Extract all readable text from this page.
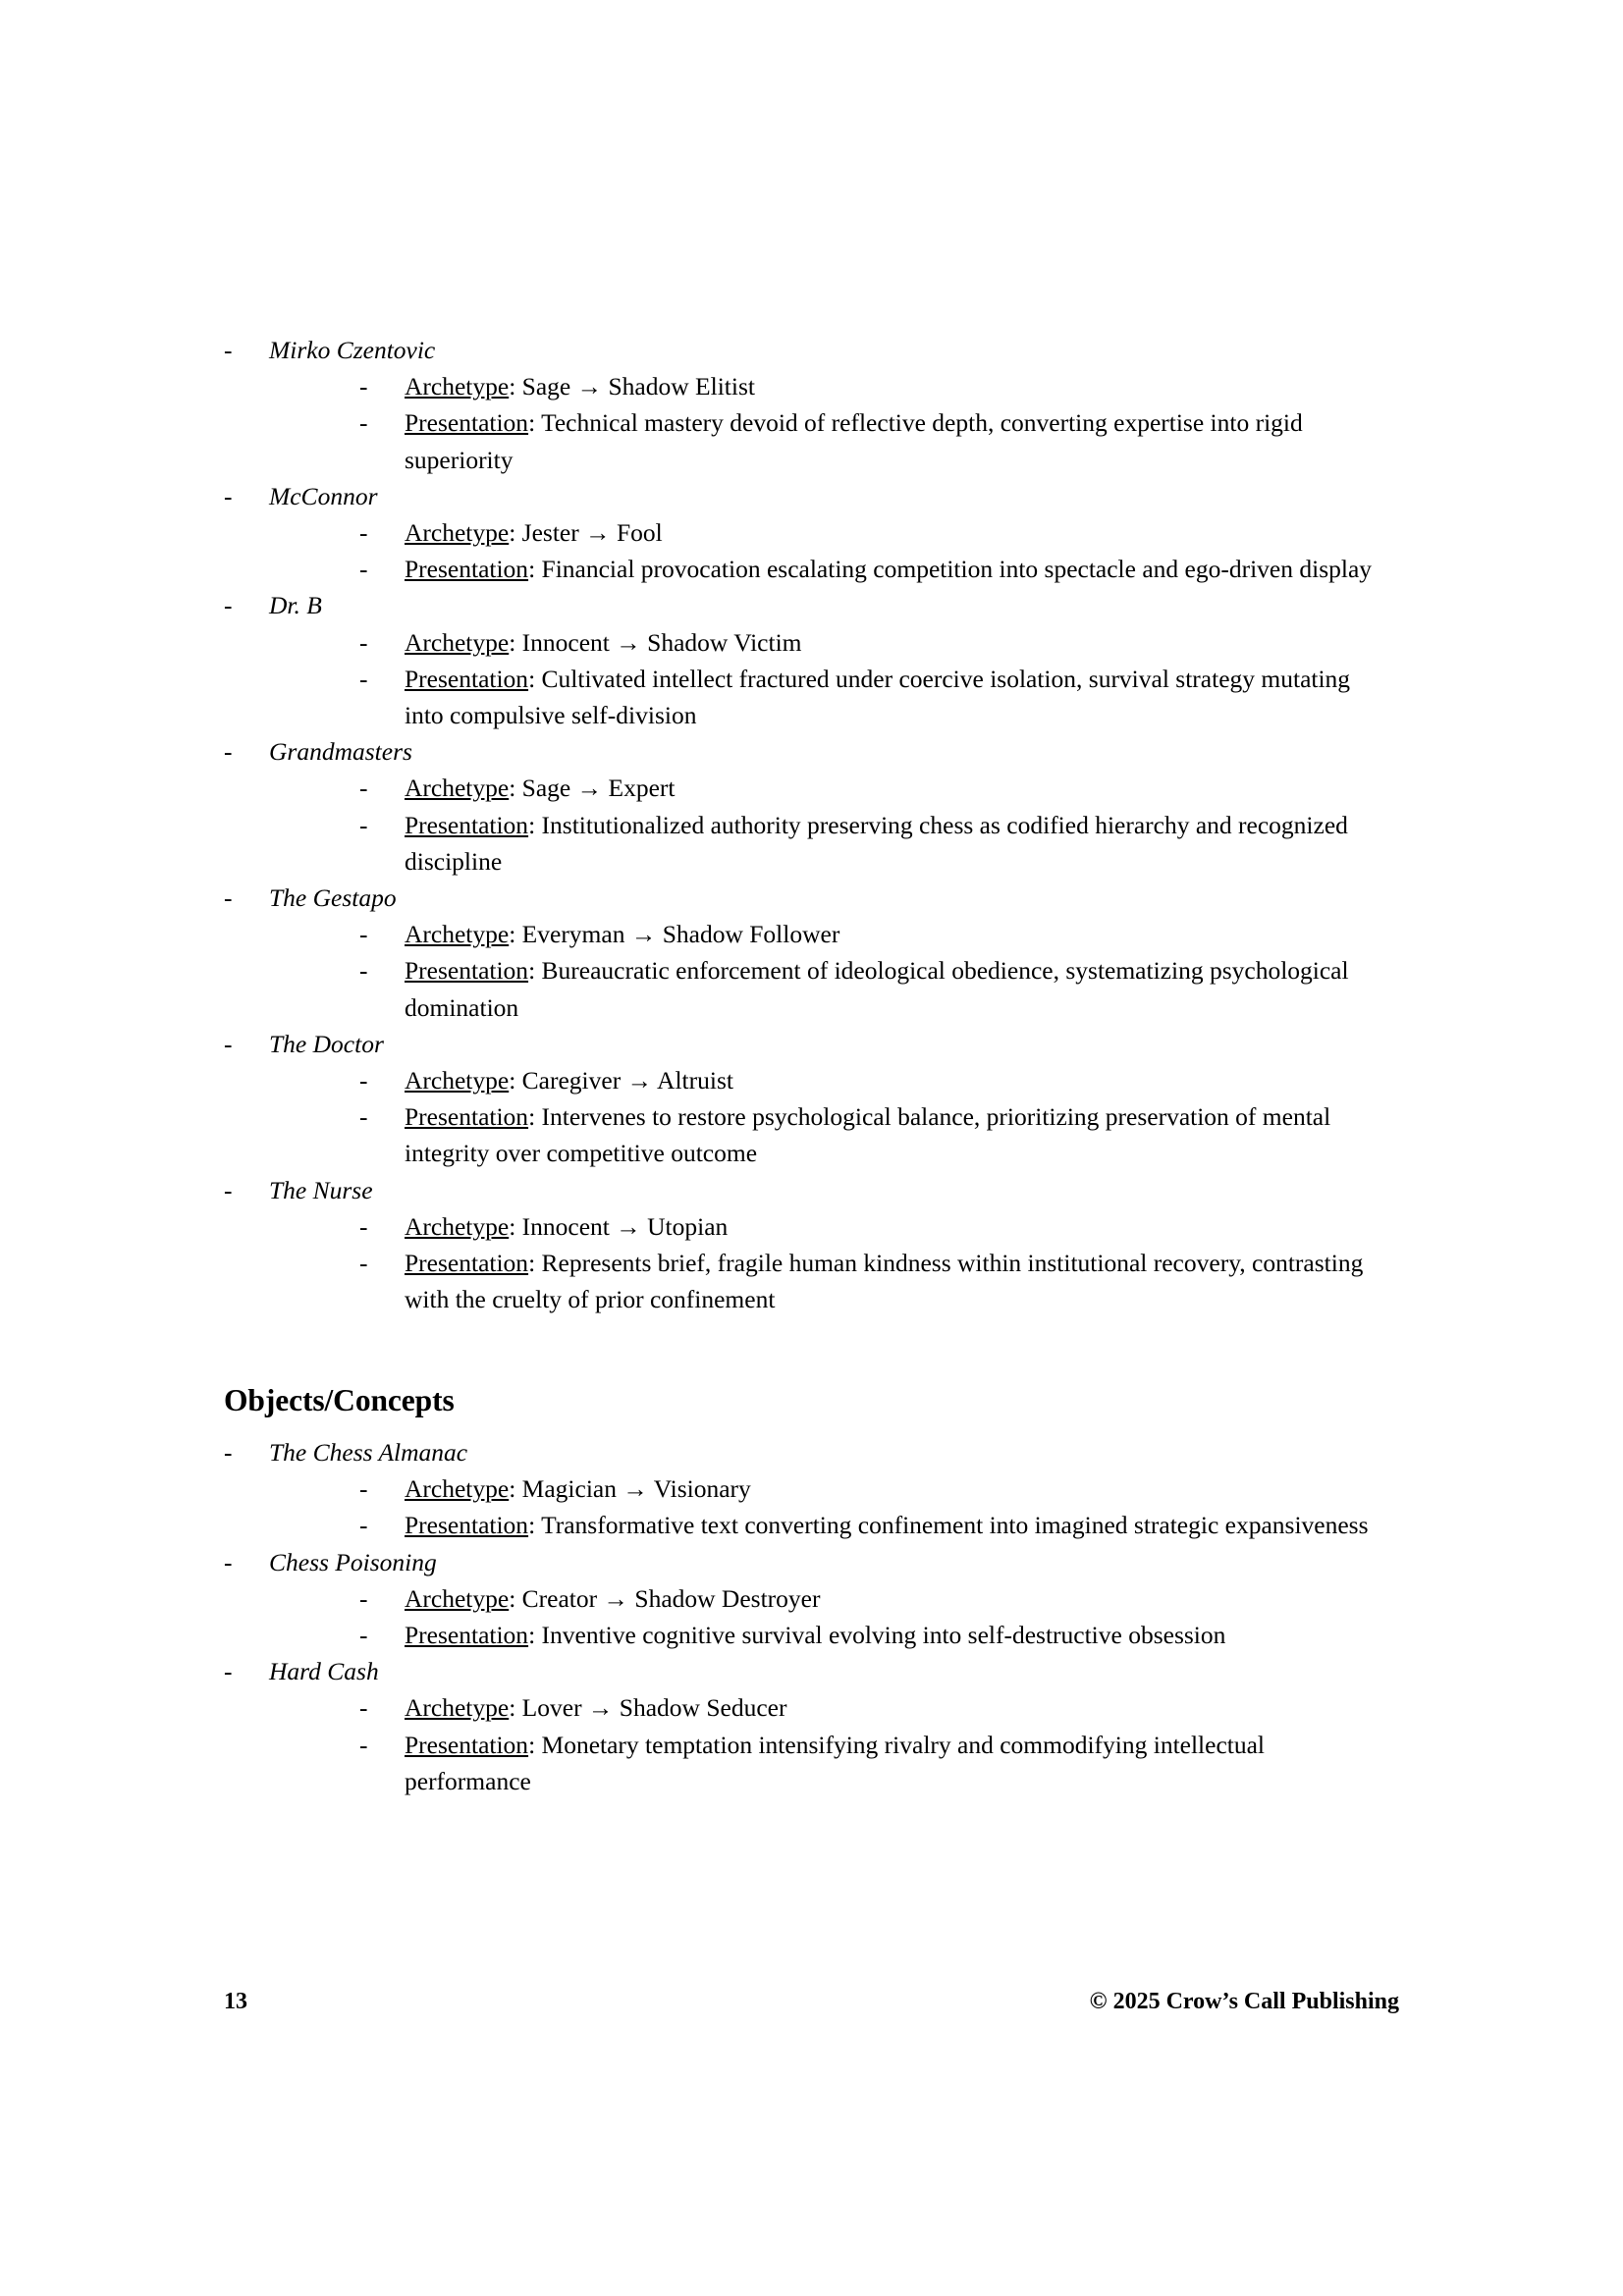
- Mirko Czentovic
- Archetype: Sage → Shadow Elitist
- Presentation: Technical mastery devoid of reflective depth, converting expertise into rigid superiority
- McConnor
- Archetype: Jester → Fool
- Presentation: Financial provocation escalating competition into spectacle and ego-driven display
- Dr. B
- Archetype: Innocent → Shadow Victim
- Presentation: Cultivated intellect fractured under coercive isolation, survival strategy mutating into compulsive self-division
- Grandmasters
- Archetype: Sage → Expert
- Presentation: Institutionalized authority preserving chess as codified hierarchy and recognized discipline
- The Gestapo
- Archetype: Everyman → Shadow Follower
- Presentation: Bureaucratic enforcement of ideological obedience, systematizing psychological domination
- The Doctor
- Archetype: Caregiver → Altruist
- Presentation: Intervenes to restore psychological balance, prioritizing preservation of mental integrity over competitive outcome
- The Nurse
- Archetype: Innocent → Utopian
- Presentation: Represents brief, fragile human kindness within institutional recovery, contrasting with the cruelty of prior confinement
Objects/Concepts
- The Chess Almanac
- Archetype: Magician → Visionary
- Presentation: Transformative text converting confinement into imagined strategic expansiveness
- Chess Poisoning
- Archetype: Creator → Shadow Destroyer
- Presentation: Inventive cognitive survival evolving into self-destructive obsession
- Hard Cash
- Archetype: Lover → Shadow Seducer
- Presentation: Monetary temptation intensifying rivalry and commodifying intellectual performance
13	© 2025 Crow’s Call Publishing
